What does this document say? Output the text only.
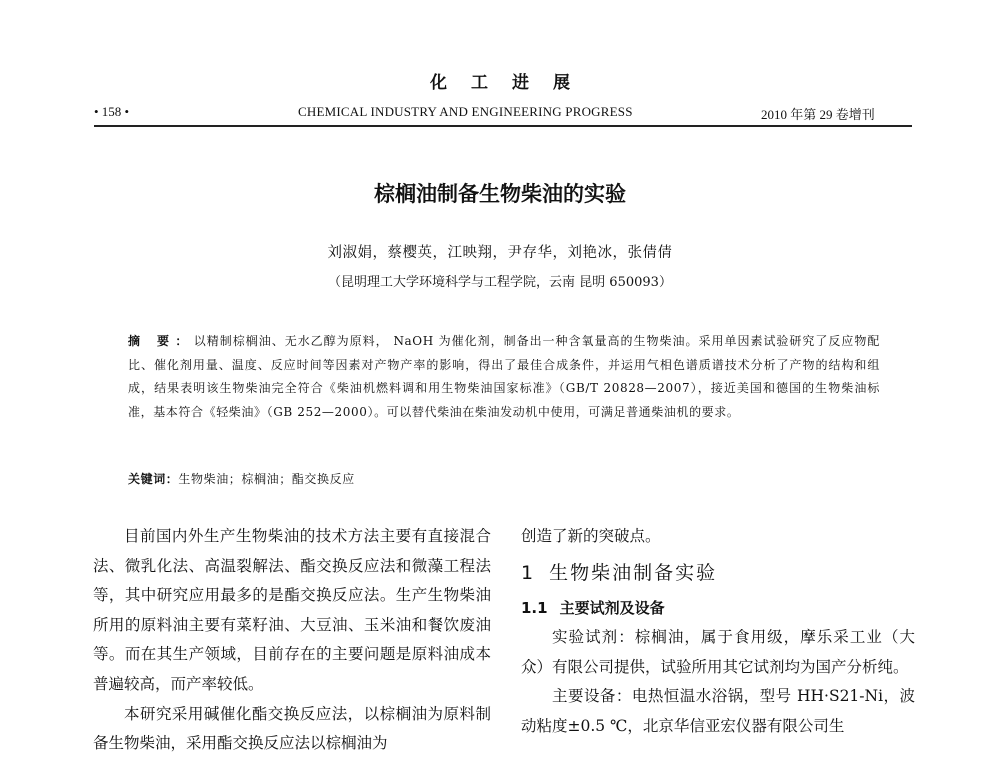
化工进展
• 158 •	CHEMICAL INDUSTRY AND ENGINEERING PROGRESS	2010 年第 29 卷增刊
棕榈油制备生物柴油的实验
刘淑娟，蔡樱英，江映翔，尹存华，刘艳冰，张倩倩
（昆明理工大学环境科学与工程学院，云南 昆明 650093）
摘 要：以精制棕榈油、无水乙醇为原料， NaOH 为催化剂，制备出一种含氧量高的生物柴油。采用单因素试验研究了反应物配比、催化剂用量、温度、反应时间等因素对产物产率的影响，得出了最佳合成条件，并运用气相色谱质谱技术分析了产物的结构和组成，结果表明该生物柴油完全符合《柴油机燃料调和用生物柴油国家标准》（GB/T 20828—2007），接近美国和德国的生物柴油标准，基本符合《轻柴油》（GB 252—2000）。可以替代柴油在柴油发动机中使用，可满足普通柴油机的要求。
关键词：生物柴油；棕榈油；酯交换反应

目前国内外生产生物柴油的技术方法主要有直接混合法、微乳化法、高温裂解法、酯交换反应法和微藻工程法等，其中研究应用最多的是酯交换反应法。生产生物柴油所用的原料油主要有菜籽油、大豆油、玉米油和餐饮废油等。而在其生产领域，目前存在的主要问题是原料油成本普遍较高，而产率较低。

本研究采用碱催化酯交换反应法，以棕榈油为原料制备生物柴油，采用酯交换反应法以棕榈油为

创造了新的突破点。

1 生物柴油制备实验
1.1 主要试剂及设备

实验试剂：棕榈油，属于食用级，摩乐采工业（大众）有限公司提供，试验所用其它试剂均为国产分析纯。

主要设备：电热恒温水浴锅，型号 HH·S21-Ni，波动粘度±0.5 ℃，北京华信亚宏仪器有限公司生
